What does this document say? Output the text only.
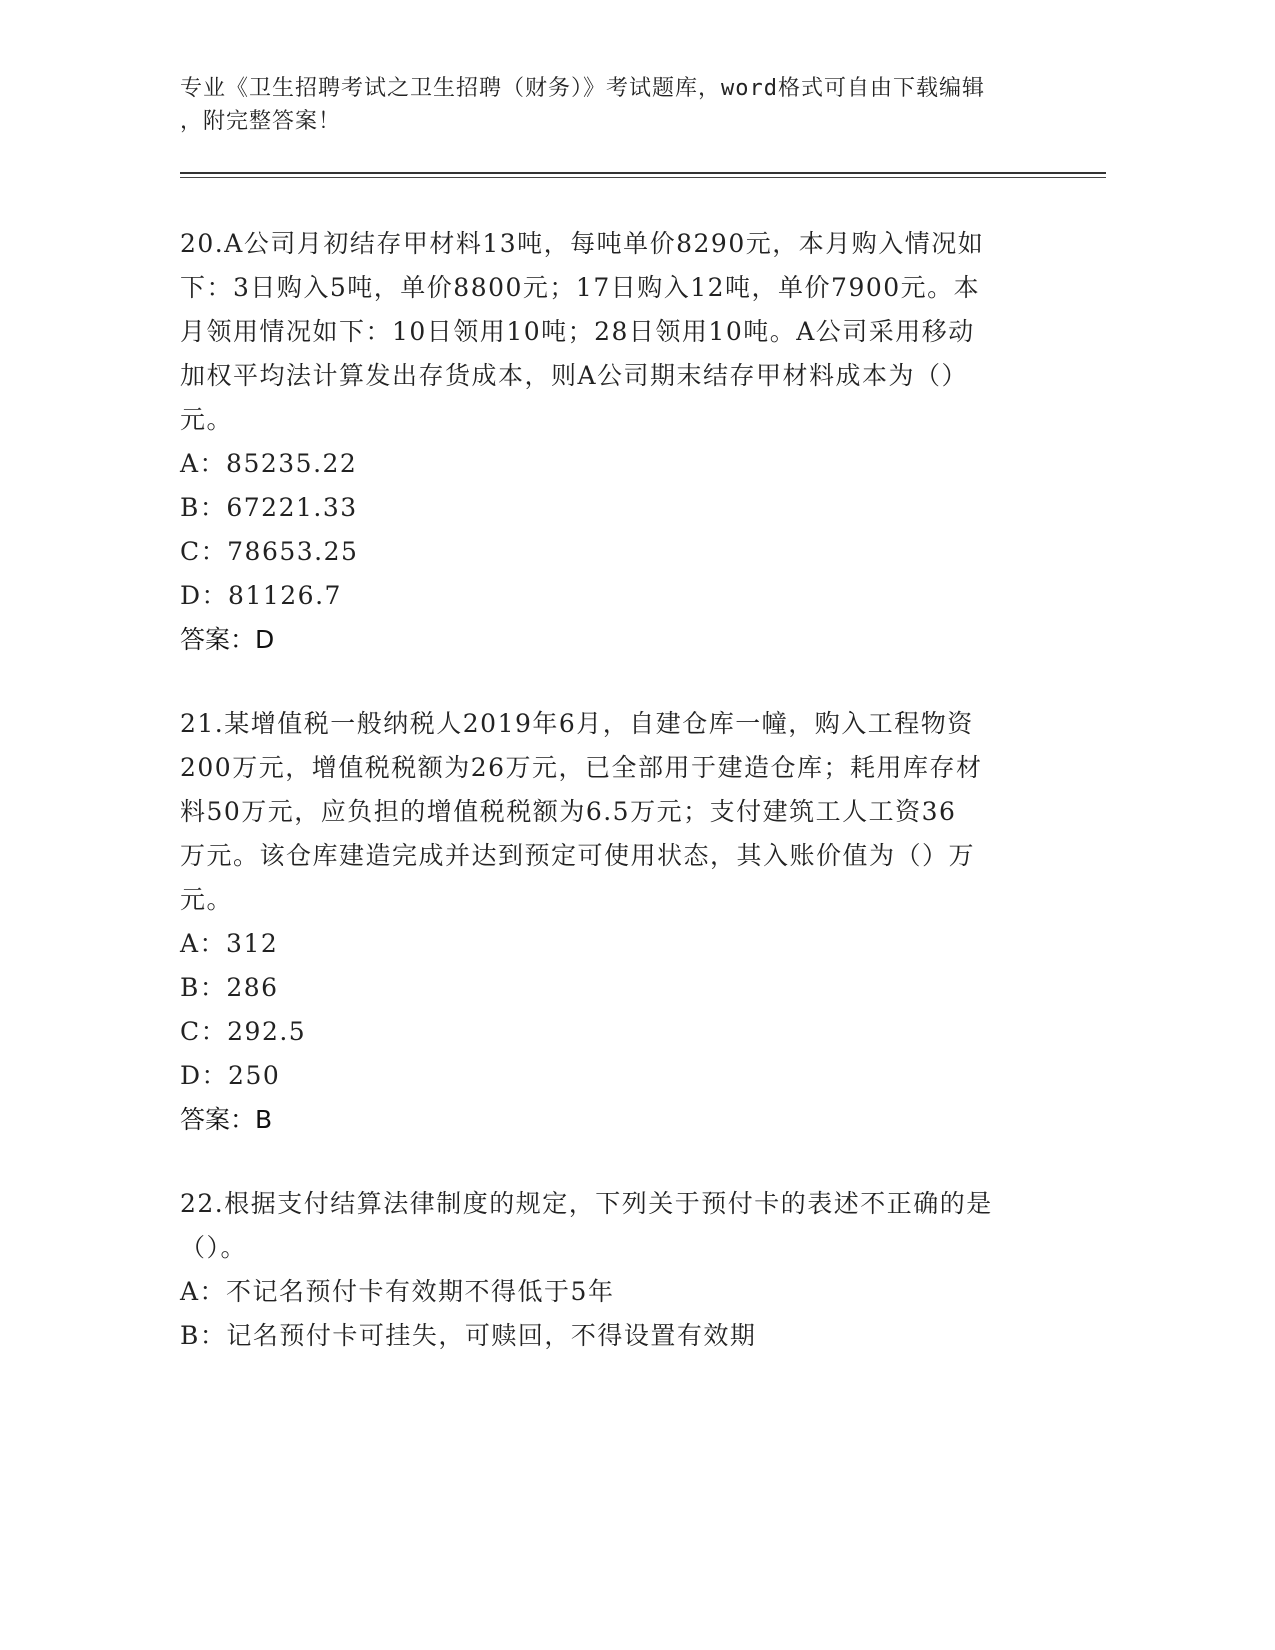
专业《卫生招聘考试之卫生招聘（财务）》考试题库，word格式可自由下载编辑
，附完整答案！
20.A公司月初结存甲材料13吨，每吨单价8290元，本月购入情况如
下：3日购入5吨，单价8800元；17日购入12吨，单价7900元。本
月领用情况如下：10日领用10吨；28日领用10吨。A公司采用移动
加权平均法计算发出存货成本，则A公司期末结存甲材料成本为（）
元。
A：85235.22
B：67221.33
C：78653.25
D：81126.7
答案：D
21.某增值税一般纳税人2019年6月，自建仓库一幢，购入工程物资
200万元，增值税税额为26万元，已全部用于建造仓库；耗用库存材
料50万元，应负担的增值税税额为6.5万元；支付建筑工人工资36
万元。该仓库建造完成并达到预定可使用状态，其入账价值为（）万
元。
A：312
B：286
C：292.5
D：250
答案：B
22.根据支付结算法律制度的规定，下列关于预付卡的表述不正确的是
（）。
A：不记名预付卡有效期不得低于5年
B：记名预付卡可挂失，可赎回，不得设置有效期
